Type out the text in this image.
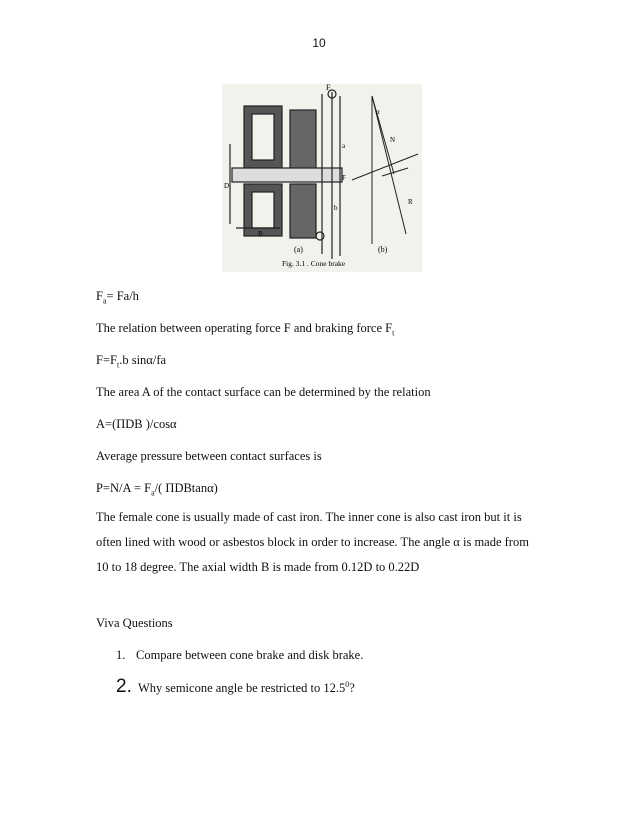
10
F
F
N
R
B
D
a
b
α
(a)	(b)
Fig. 3.1 . Cone brake
$F_a= Fa/h$
The relation between operating force F and braking force $F_t$
$F=F_t.b$ sinα/fa
The area A of the contact surface can be determined by the relation
A=(ΠDB )/cosα
Average pressure between contact surfaces is
$P=N/A = F_a/$( ΠDBtanα)
The female cone is usually made of cast iron. The inner cone is also cast iron but it is often lined with wood or asbestos block in order to increase. The angle α is made from 10 to 18 degree. The axial width B is made from 0.12D to 0.22D
Viva Questions
1. Compare between cone brake and disk brake.
2. Why semicone angle be restricted to 12.5$^0$?
